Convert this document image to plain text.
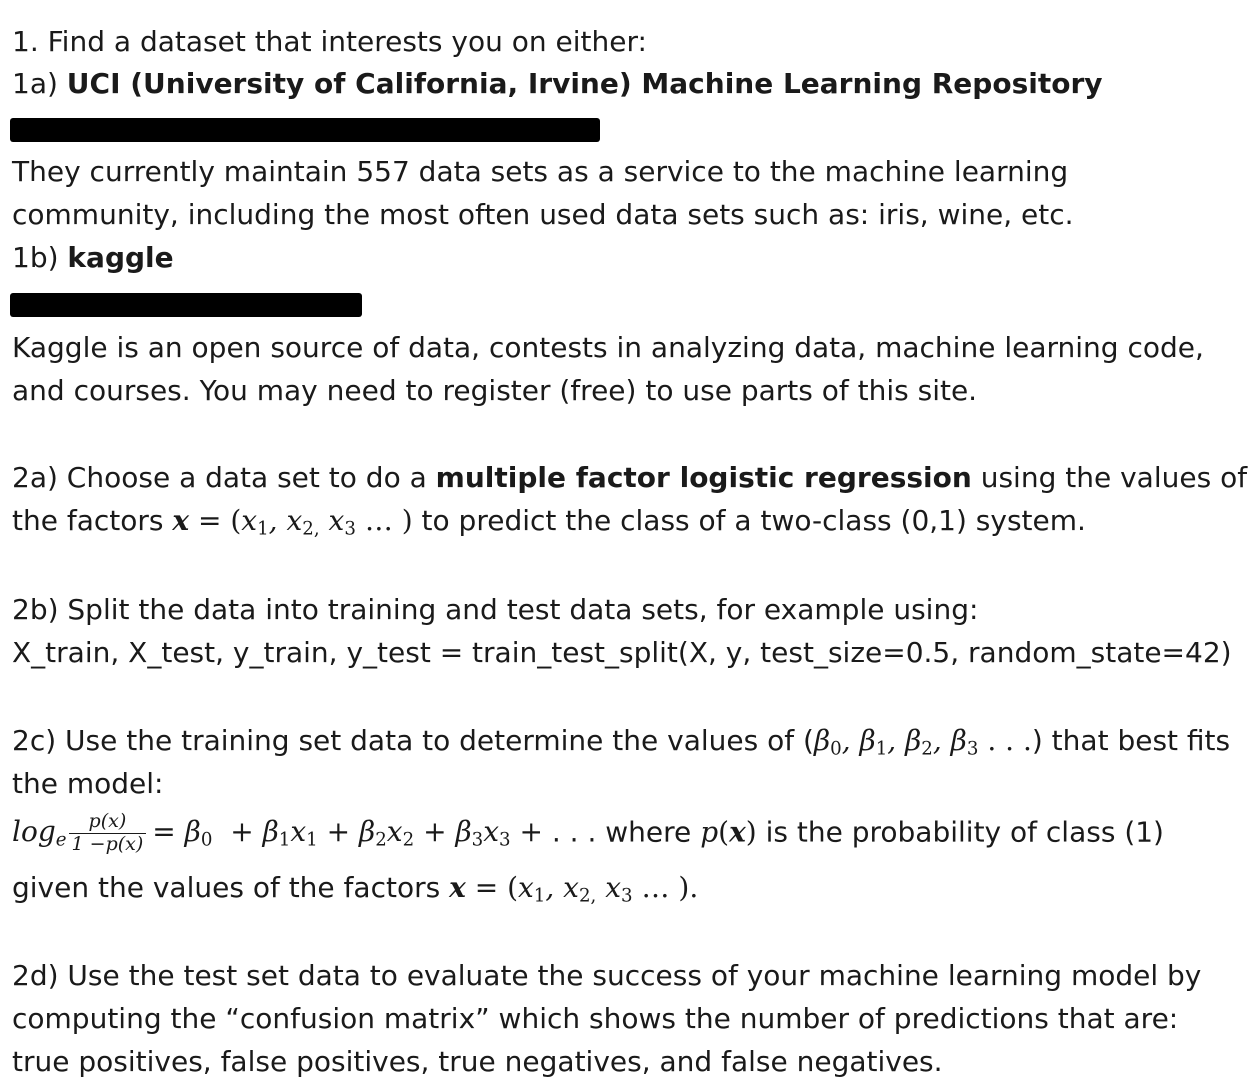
1. Find a dataset that interests you on either:
1a) UCI (University of California, Irvine) Machine Learning Repository
They currently maintain 557 data sets as a service to the machine learning
community, including the most often used data sets such as: iris, wine, etc.
1b) kaggle
Kaggle is an open source of data, contests in analyzing data, machine learning code,
and courses. You may need to register (free) to use parts of this site.
2a) Choose a data set to do a multiple factor logistic regression using the values of
the factors $x = (x_1$, $x_{2,}$ $x_3$ … ) to predict the class of a two-class (0,1) system.
2b) Split the data into training and test data sets, for example using:
X_train, X_test, y_train, y_test = train_test_split(X, y, test_size=0.5, random_state=42)
2c) Use the training set data to determine the values of ($\beta_0$, $\beta_1$, $\beta_2$, $\beta_3$ . . .) that best fits
the model:
$\log_e \frac{p(x)}{1 -p(x)} = \beta_0 + \beta_1x_1 + \beta_2x_2 + \beta_3x_3$ + . . . where p(x) is the probability of class (1)
given the values of the factors $x = (x_1$, $x_{2,}$ $x_3$ … ).
2d) Use the test set data to evaluate the success of your machine learning model by
computing the “confusion matrix” which shows the number of predictions that are:
true positives, false positives, true negatives, and false negatives.
